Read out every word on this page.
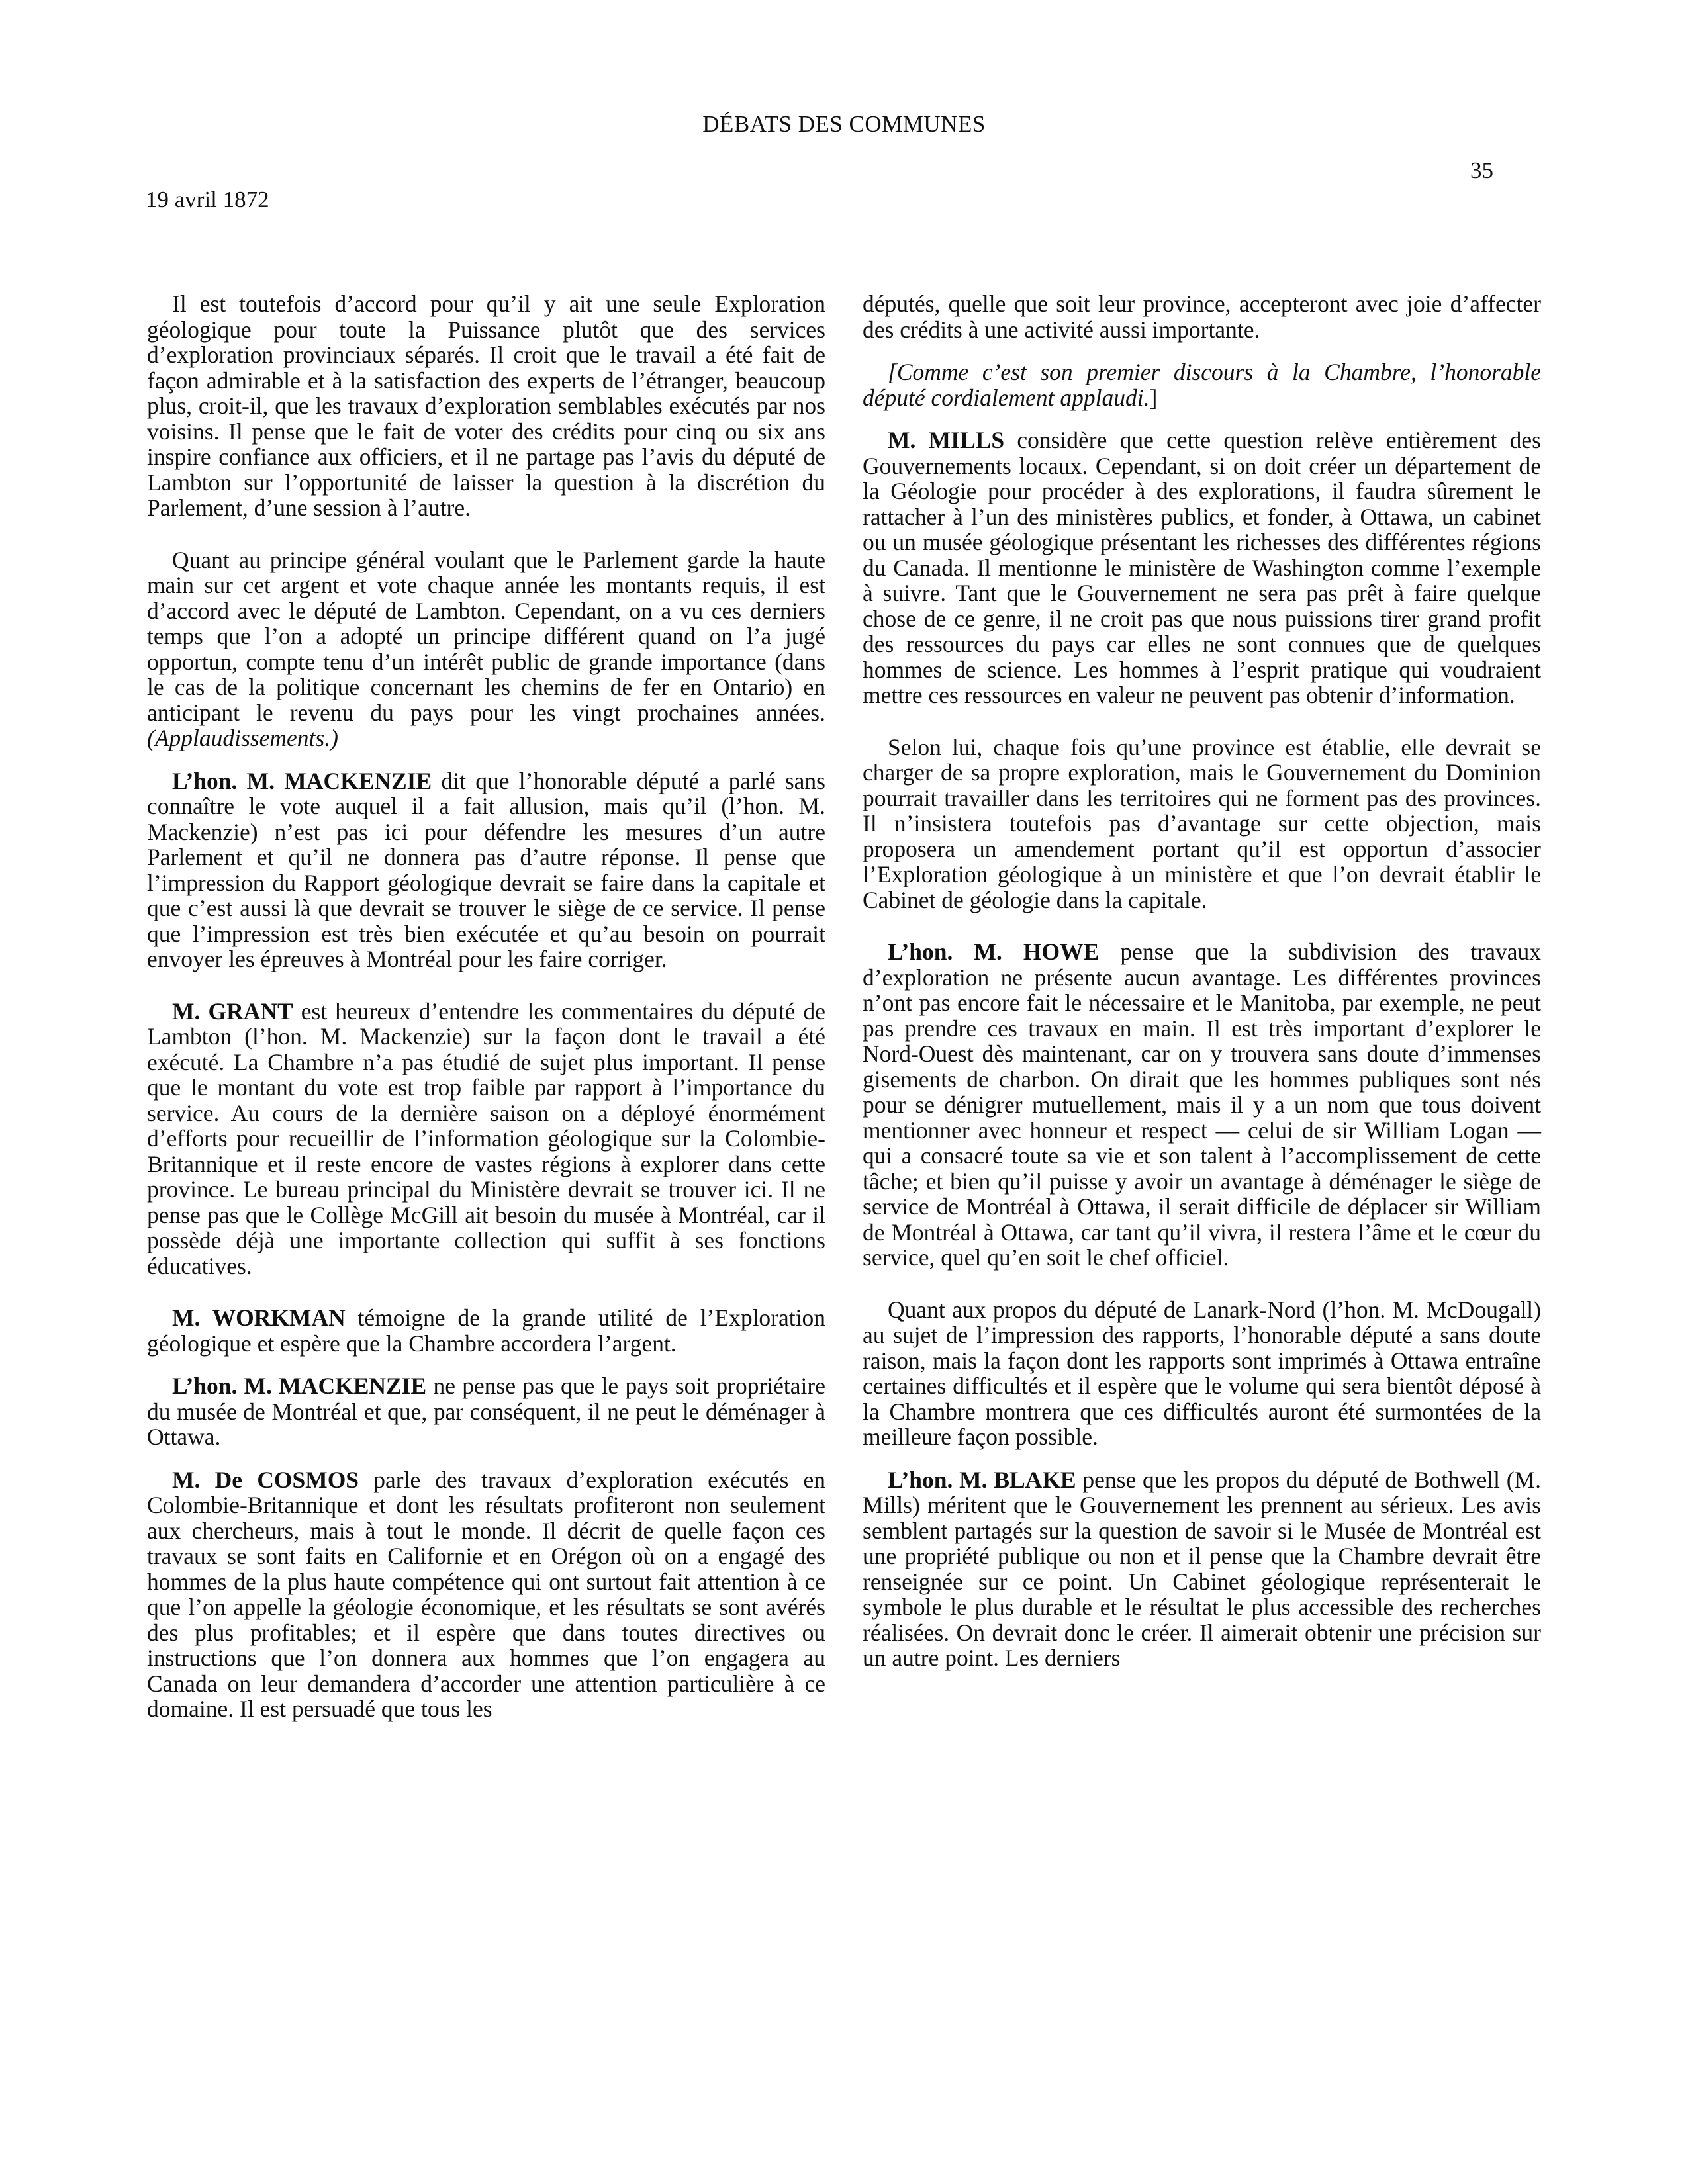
DÉBATS DES COMMUNES
35
19 avril 1872

Il est toutefois d’accord pour qu’il y ait une seule Exploration géologique pour toute la Puissance plutôt que des services d’exploration provinciaux séparés. Il croit que le travail a été fait de façon admirable et à la satisfaction des experts de l’étranger, beaucoup plus, croit-il, que les travaux d’exploration semblables exécutés par nos voisins. Il pense que le fait de voter des crédits pour cinq ou six ans inspire confiance aux officiers, et il ne partage pas l’avis du député de Lambton sur l’opportunité de laisser la question à la discrétion du Parlement, d’une session à l’autre.

Quant au principe général voulant que le Parlement garde la haute main sur cet argent et vote chaque année les montants requis, il est d’accord avec le député de Lambton. Cependant, on a vu ces derniers temps que l’on a adopté un principe différent quand on l’a jugé opportun, compte tenu d’un intérêt public de grande importance (dans le cas de la politique concernant les chemins de fer en Ontario) en anticipant le revenu du pays pour les vingt prochaines années. (Applaudissements.)

L’hon. M. MACKENZIE dit que l’honorable député a parlé sans connaître le vote auquel il a fait allusion, mais qu’il (l’hon. M. Mackenzie) n’est pas ici pour défendre les mesures d’un autre Parlement et qu’il ne donnera pas d’autre réponse. Il pense que l’impression du Rapport géologique devrait se faire dans la capitale et que c’est aussi là que devrait se trouver le siège de ce service. Il pense que l’impression est très bien exécutée et qu’au besoin on pourrait envoyer les épreuves à Montréal pour les faire corriger.

M. GRANT est heureux d’entendre les commentaires du député de Lambton (l’hon. M. Mackenzie) sur la façon dont le travail a été exécuté. La Chambre n’a pas étudié de sujet plus important. Il pense que le montant du vote est trop faible par rapport à l’importance du service. Au cours de la dernière saison on a déployé énormément d’efforts pour recueillir de l’information géologique sur la Colombie-Britannique et il reste encore de vastes régions à explorer dans cette province. Le bureau principal du Ministère devrait se trouver ici. Il ne pense pas que le Collège McGill ait besoin du musée à Montréal, car il possède déjà une importante collection qui suffit à ses fonctions éducatives.

M. WORKMAN témoigne de la grande utilité de l’Exploration géologique et espère que la Chambre accordera l’argent.

L’hon. M. MACKENZIE ne pense pas que le pays soit propriétaire du musée de Montréal et que, par conséquent, il ne peut le déménager à Ottawa.

M. De COSMOS parle des travaux d’exploration exécutés en Colombie-Britannique et dont les résultats profiteront non seulement aux chercheurs, mais à tout le monde. Il décrit de quelle façon ces travaux se sont faits en Californie et en Orégon où on a engagé des hommes de la plus haute compétence qui ont surtout fait attention à ce que l’on appelle la géologie économique, et les résultats se sont avérés des plus profitables; et il espère que dans toutes directives ou instructions que l’on donnera aux hommes que l’on engagera au Canada on leur demandera d’accorder une attention particulière à ce domaine. Il est persuadé que tous les

députés, quelle que soit leur province, accepteront avec joie d’affecter des crédits à une activité aussi importante.

[Comme c’est son premier discours à la Chambre, l’honorable député cordialement applaudi.]

M. MILLS considère que cette question relève entièrement des Gouvernements locaux. Cependant, si on doit créer un département de la Géologie pour procéder à des explorations, il faudra sûrement le rattacher à l’un des ministères publics, et fonder, à Ottawa, un cabinet ou un musée géologique présentant les richesses des différentes régions du Canada. Il mentionne le ministère de Washington comme l’exemple à suivre. Tant que le Gouvernement ne sera pas prêt à faire quelque chose de ce genre, il ne croit pas que nous puissions tirer grand profit des ressources du pays car elles ne sont connues que de quelques hommes de science. Les hommes à l’esprit pratique qui voudraient mettre ces ressources en valeur ne peuvent pas obtenir d’information.

Selon lui, chaque fois qu’une province est établie, elle devrait se charger de sa propre exploration, mais le Gouvernement du Dominion pourrait travailler dans les territoires qui ne forment pas des provinces. Il n’insistera toutefois pas d’avantage sur cette objection, mais proposera un amendement portant qu’il est opportun d’associer l’Exploration géologique à un ministère et que l’on devrait établir le Cabinet de géologie dans la capitale.

L’hon. M. HOWE pense que la subdivision des travaux d’exploration ne présente aucun avantage. Les différentes provinces n’ont pas encore fait le nécessaire et le Manitoba, par exemple, ne peut pas prendre ces travaux en main. Il est très important d’explorer le Nord-Ouest dès maintenant, car on y trouvera sans doute d’immenses gisements de charbon. On dirait que les hommes publiques sont nés pour se dénigrer mutuellement, mais il y a un nom que tous doivent mentionner avec honneur et respect — celui de sir William Logan — qui a consacré toute sa vie et son talent à l’accomplissement de cette tâche; et bien qu’il puisse y avoir un avantage à déménager le siège de service de Montréal à Ottawa, il serait difficile de déplacer sir William de Montréal à Ottawa, car tant qu’il vivra, il restera l’âme et le cœur du service, quel qu’en soit le chef officiel.

Quant aux propos du député de Lanark-Nord (l’hon. M. McDougall) au sujet de l’impression des rapports, l’honorable député a sans doute raison, mais la façon dont les rapports sont imprimés à Ottawa entraîne certaines difficultés et il espère que le volume qui sera bientôt déposé à la Chambre montrera que ces difficultés auront été surmontées de la meilleure façon possible.

L’hon. M. BLAKE pense que les propos du député de Bothwell (M. Mills) méritent que le Gouvernement les prennent au sérieux. Les avis semblent partagés sur la question de savoir si le Musée de Montréal est une propriété publique ou non et il pense que la Chambre devrait être renseignée sur ce point. Un Cabinet géologique représenterait le symbole le plus durable et le résultat le plus accessible des recherches réalisées. On devrait donc le créer. Il aimerait obtenir une précision sur un autre point. Les derniers
